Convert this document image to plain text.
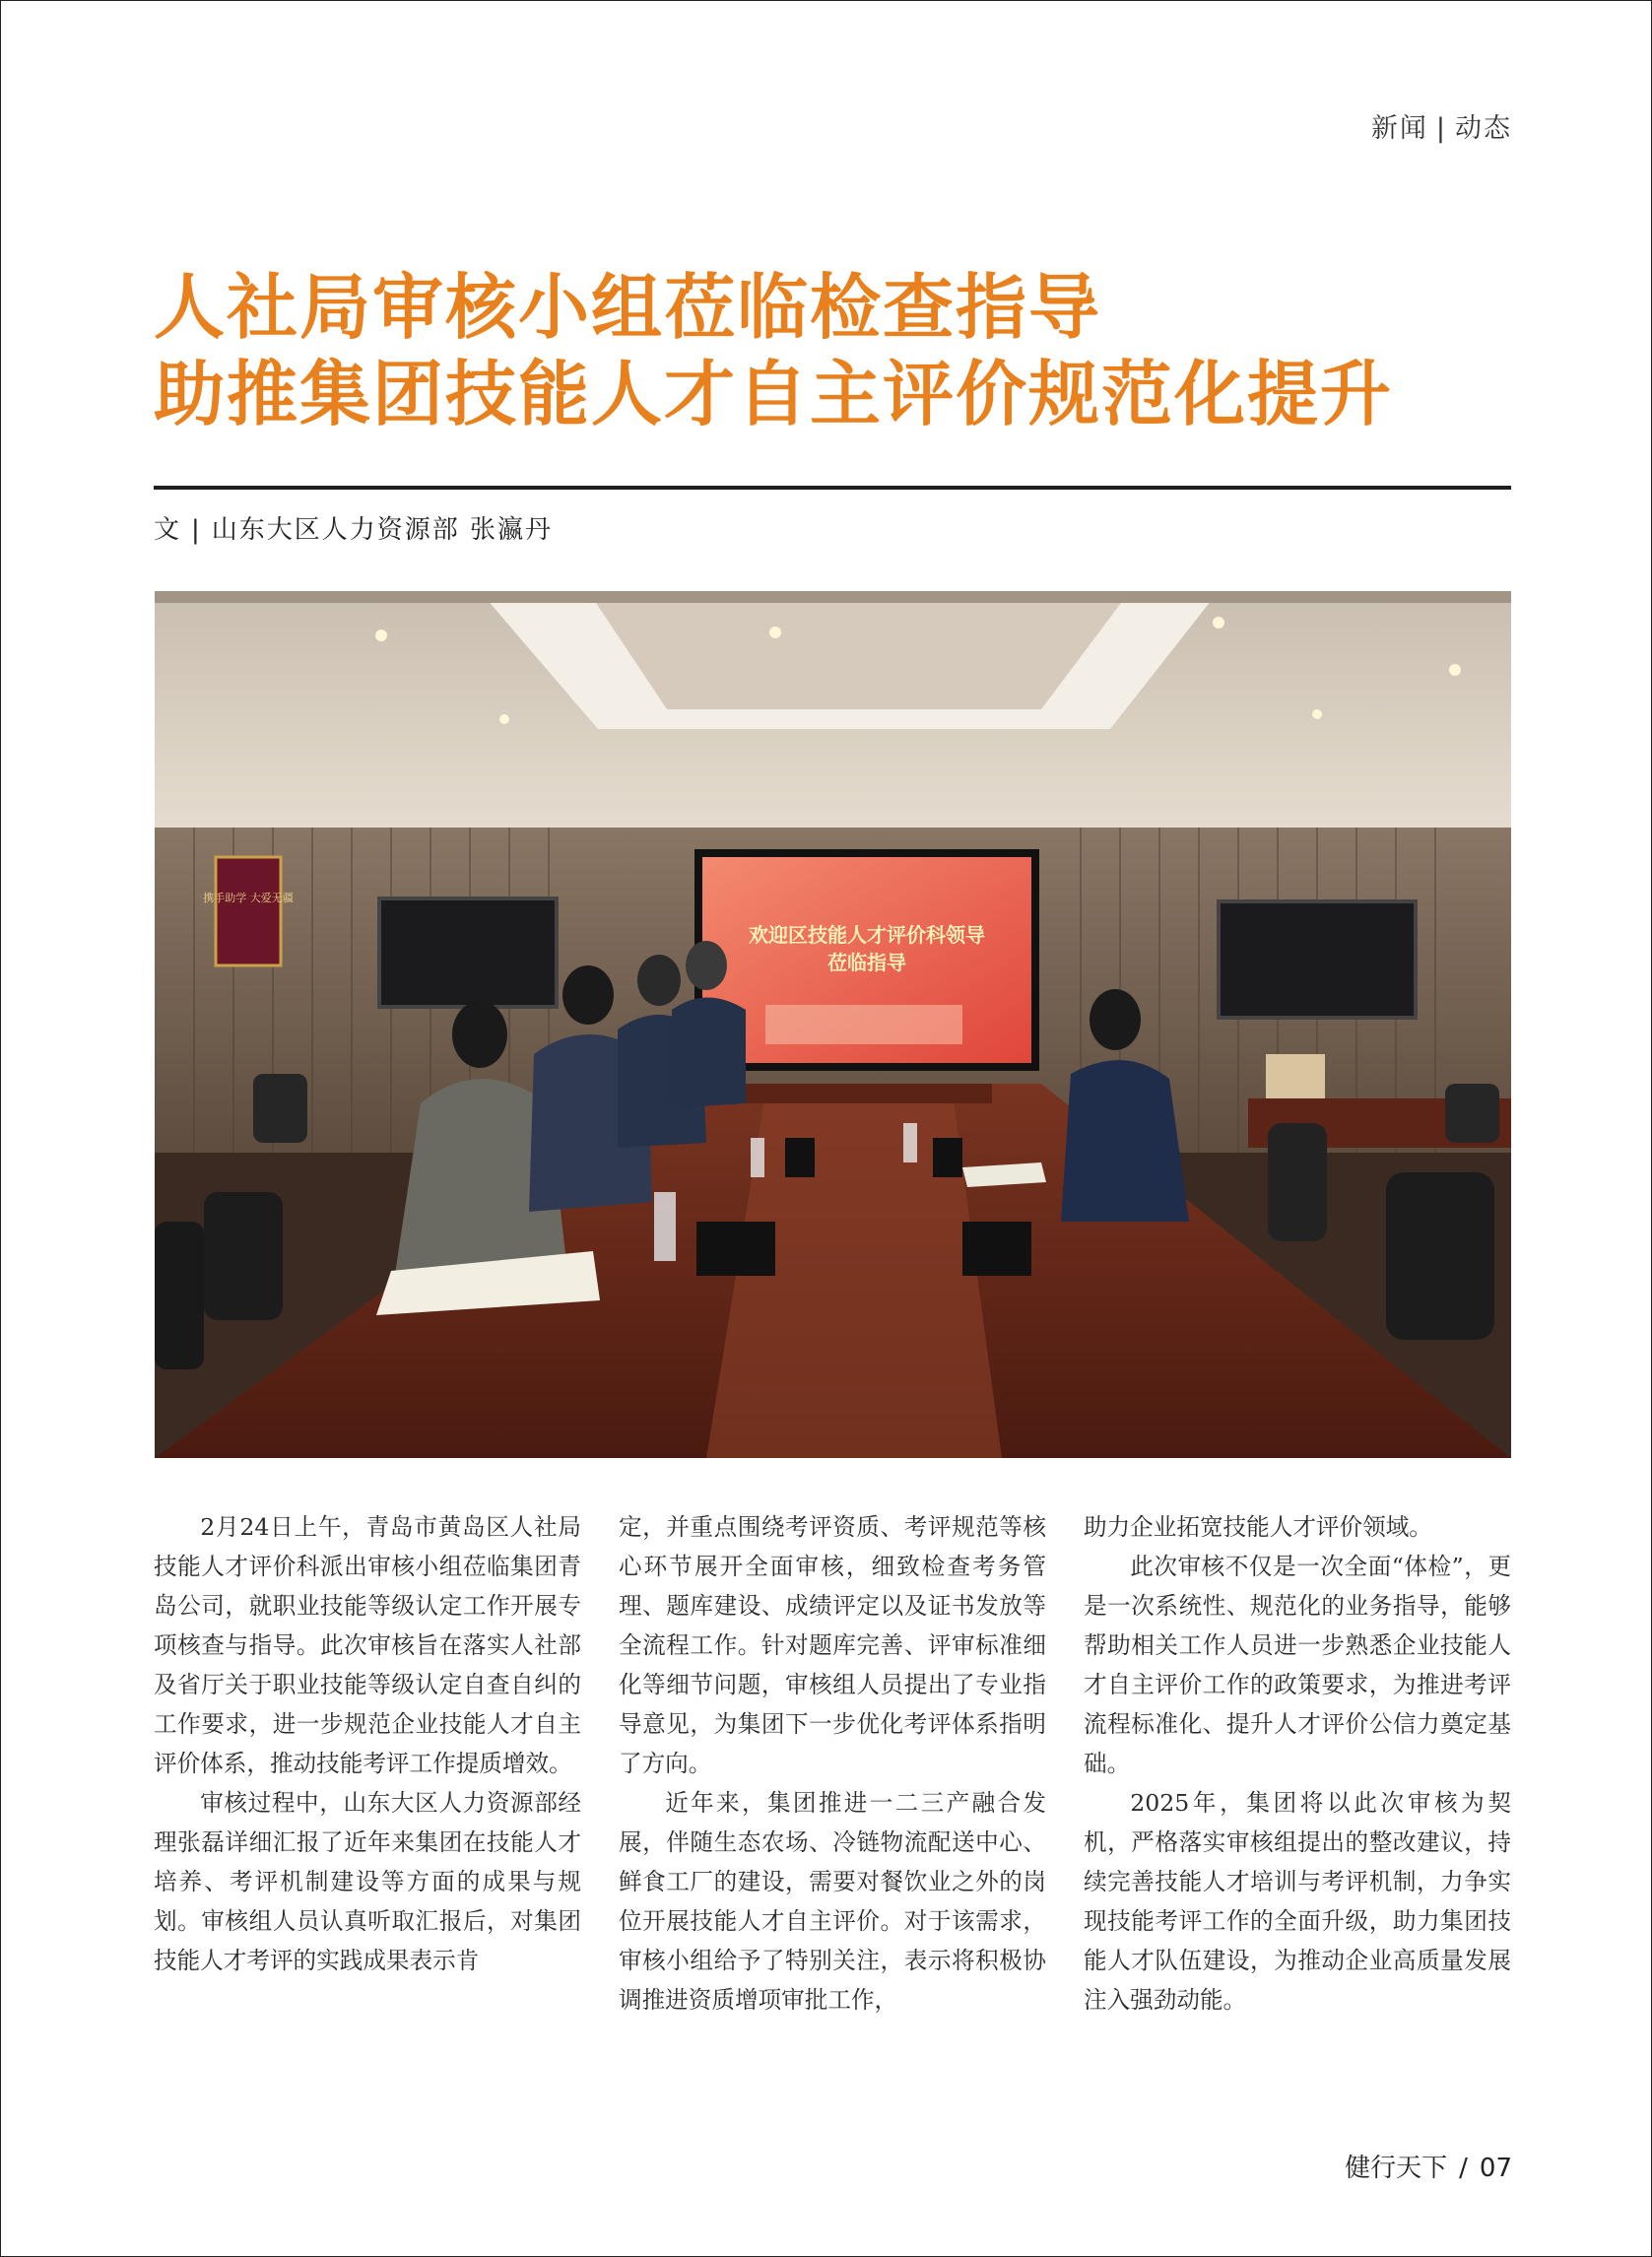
新闻 | 动态
人社局审核小组莅临检查指导
助推集团技能人才自主评价规范化提升
文 | 山东大区人力资源部 张瀛丹
携手助学 大爱无疆
欢迎区技能人才评价科领导
莅临指导

2月24日上午，青岛市黄岛区人社局技能人才评价科派出审核小组莅临集团青岛公司，就职业技能等级认定工作开展专项核查与指导。此次审核旨在落实人社部及省厅关于职业技能等级认定自查自纠的工作要求，进一步规范企业技能人才自主评价体系，推动技能考评工作提质增效。

审核过程中，山东大区人力资源部经理张磊详细汇报了近年来集团在技能人才培养、考评机制建设等方面的成果与规划。审核组人员认真听取汇报后，对集团技能人才考评的实践成果表示肯

定，并重点围绕考评资质、考评规范等核心环节展开全面审核，细致检查考务管理、题库建设、成绩评定以及证书发放等全流程工作。针对题库完善、评审标准细化等细节问题，审核组人员提出了专业指导意见，为集团下一步优化考评体系指明了方向。

近年来，集团推进一二三产融合发展，伴随生态农场、冷链物流配送中心、鲜食工厂的建设，需要对餐饮业之外的岗位开展技能人才自主评价。对于该需求，审核小组给予了特别关注，表示将积极协调推进资质增项审批工作，

助力企业拓宽技能人才评价领域。

此次审核不仅是一次全面“体检”，更是一次系统性、规范化的业务指导，能够帮助相关工作人员进一步熟悉企业技能人才自主评价工作的政策要求，为推进考评流程标准化、提升人才评价公信力奠定基础。

2025年，集团将以此次审核为契机，严格落实审核组提出的整改建议，持续完善技能人才培训与考评机制，力争实现技能考评工作的全面升级，助力集团技能人才队伍建设，为推动企业高质量发展注入强劲动能。

健行天下 / 07
